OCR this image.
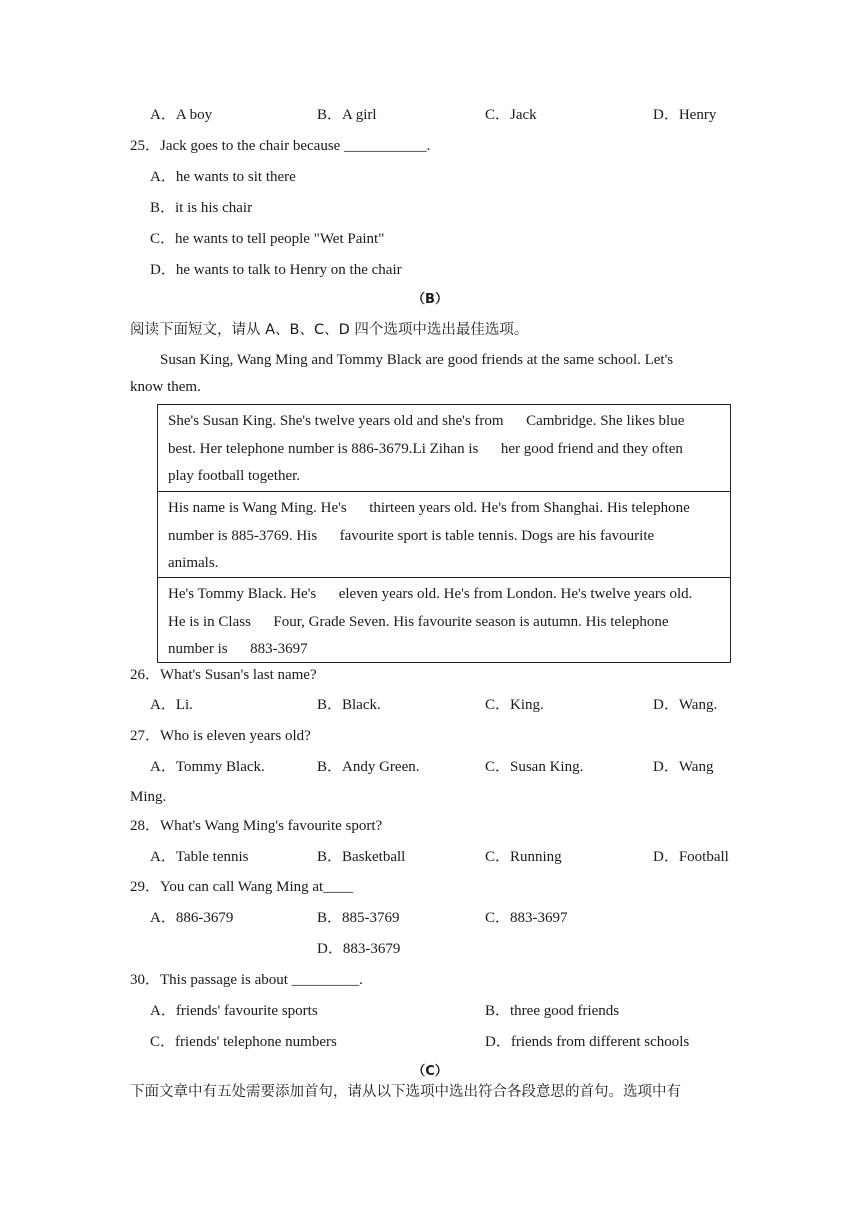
A．A boy	B．A girl	C．Jack	D．Henry
25．Jack goes to the chair because ___________.
A．he wants to sit there
B．it is his chair
C．he wants to tell people "Wet Paint"
D．he wants to talk to Henry on the chair
（B）
阅读下面短文，请从 A、B、C、D 四个选项中选出最佳选项。
Susan King, Wang Ming and Tommy Black are good friends at the same school. Let's
know them.
She's Susan King. She's twelve years old and she's from      Cambridge. She likes blue
best. Her telephone number is 886-3679.Li Zihan is      her good friend and they often
play football together.
His name is Wang Ming. He's      thirteen years old. He's from Shanghai. His telephone
number is 885-3769. His      favourite sport is table tennis. Dogs are his favourite
animals.
He's Tommy Black. He's      eleven years old. He's from London. He's twelve years old.
He is in Class      Four, Grade Seven. His favourite season is autumn. His telephone
number is      883-3697
26．What's Susan's last name?
A．Li.	B．Black.	C．King.	D．Wang.
27．Who is eleven years old?
A．Tommy Black.	B．Andy Green.	C．Susan King.	D．Wang
Ming.
28．What's Wang Ming's favourite sport?
A．Table tennis	B．Basketball	C．Running	D．Football
29．You can call Wang Ming at____
A．886-3679	B．885-3769	C．883-3697
D．883-3679
30．This passage is about _________.
A．friends' favourite sports	B．three good friends
C．friends' telephone numbers	D．friends from different schools
（C）
下面文章中有五处需要添加首句，请从以下选项中选出符合各段意思的首句。选项中有
